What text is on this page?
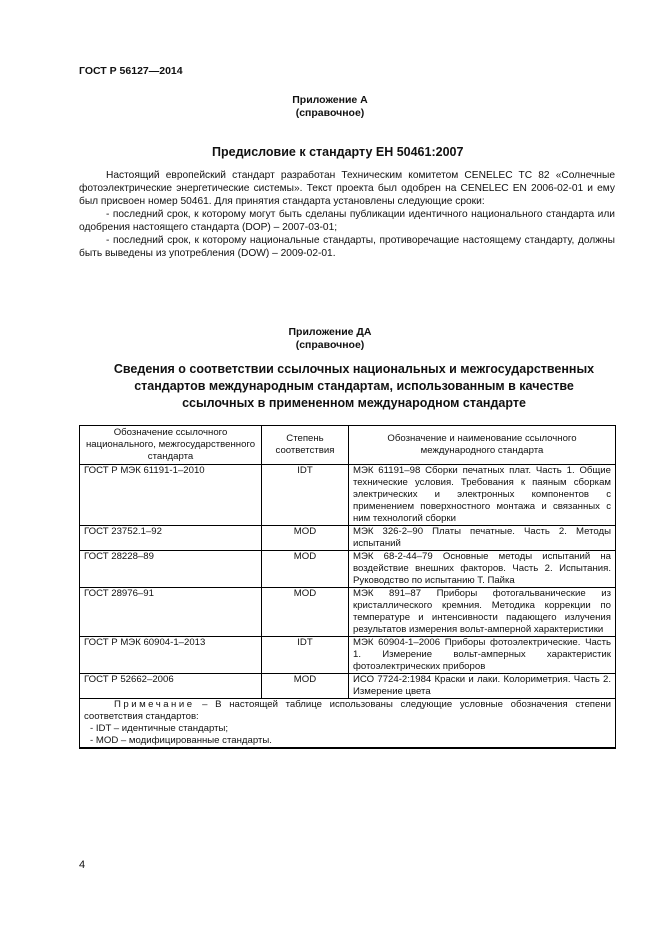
ГОСТ Р 56127—2014
Приложение А
(справочное)
Предисловие к стандарту ЕН 50461:2007
Настоящий европейский стандарт разработан Техническим комитетом CENELEC TC 82 «Солнечные фотоэлектрические энергетические системы». Текст проекта был одобрен на CENELEC EN 2006-02-01 и ему был присвоен номер 50461. Для принятия стандарта установлены следующие сроки:
- последний срок, к которому могут быть сделаны публикации идентичного национального стандарта или одобрения настоящего стандарта (DOP) – 2007-03-01;
- последний срок, к которому национальные стандарты, противоречащие настоящему стандарту, должны быть выведены из употребления (DOW) – 2009-02-01.
Приложение ДА
(справочное)
Сведения о соответствии ссылочных национальных и межгосударственных
стандартов международным стандартам, использованным в качестве
ссылочных в примененном международном стандарте
Обозначение ссылочного национального, межгосударственного стандарта	Степень соответствия	Обозначение и наименование ссылочного международного стандарта
ГОСТ Р МЭК 61191-1–2010	IDT	МЭК 61191–98 Сборки печатных плат. Часть 1. Общие технические условия. Требования к паяным сборкам электрических и электронных компонентов с применением поверхностного монтажа и связанных с ним технологий сборки
ГОСТ 23752.1–92	MOD	МЭК 326-2–90 Платы печатные. Часть 2. Методы испытаний
ГОСТ 28228–89	MOD	МЭК 68-2-44–79 Основные методы испытаний на воздействие внешних факторов. Часть 2. Испытания. Руководство по испытанию Т. Пайка
ГОСТ 28976–91	MOD	МЭК 891–87 Приборы фотогальванические из кристаллического кремния. Методика коррекции по температуре и интенсивности падающего излучения результатов измерения вольт-амперной характеристики
ГОСТ Р МЭК 60904-1–2013	IDT	МЭК 60904-1–2006 Приборы фотоэлектрические. Часть 1. Измерение вольт-амперных характеристик фотоэлектрических приборов
ГОСТ Р 52662–2006	MOD	ИСО 7724-2:1984 Краски и лаки. Колориметрия. Часть 2. Измерение цвета

Примечание – В настоящей таблице использованы следующие условные обозначения степени соответствия стандартов:
- IDT – идентичные стандарты;
- MOD – модифицированные стандарты.		
4
